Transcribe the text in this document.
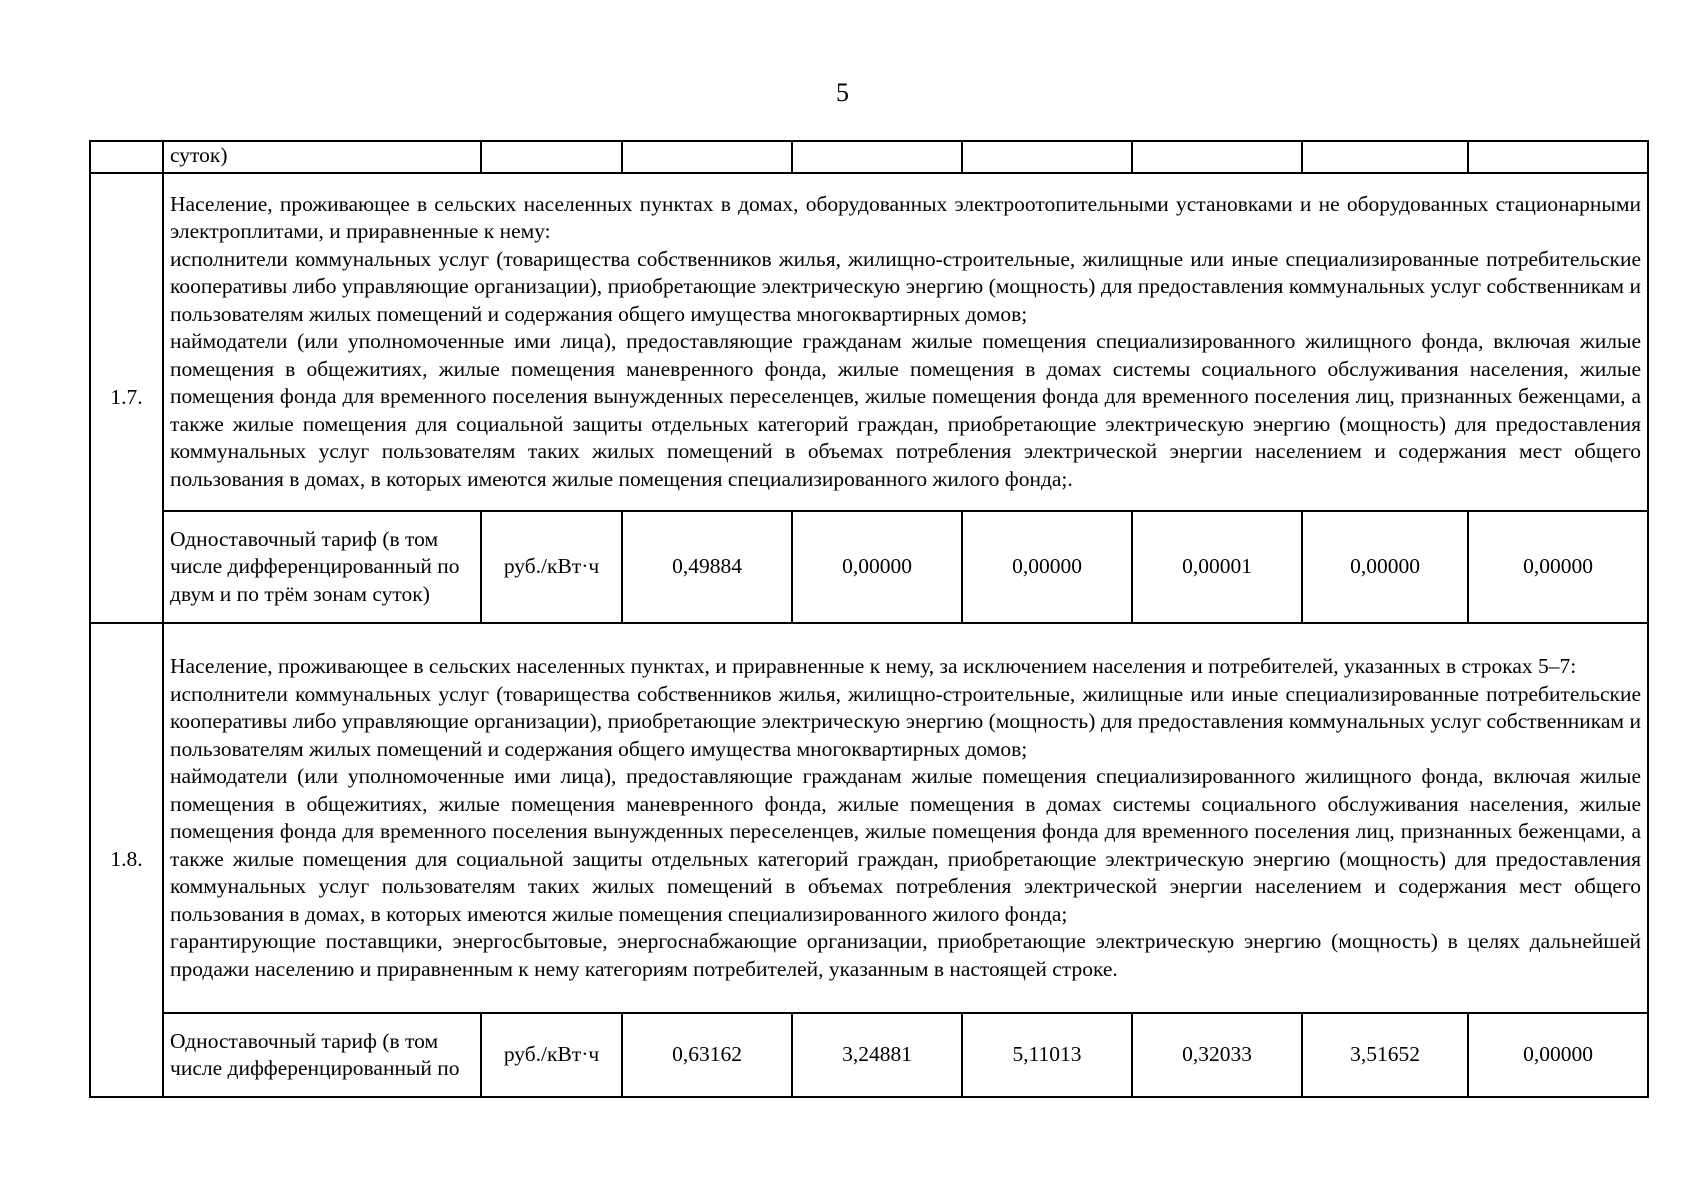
5
	суток)							
1.7.	Население, проживающее в сельских населенных пунктах в домах, оборудованных электроотопительными установками и не оборудованных стационарными электроплитами, и приравненные к нему:

исполнители коммунальных услуг (товарищества собственников жилья, жилищно-строительные, жилищные или иные специализированные потребительские кооперативы либо управляющие организации), приобретающие электрическую энергию (мощность) для предоставления коммунальных услуг собственникам и пользователям жилых помещений и содержания общего имущества многоквартирных домов;

наймодатели (или уполномоченные ими лица), предоставляющие гражданам жилые помещения специализированного жилищного фонда, включая жилые помещения в общежитиях, жилые помещения маневренного фонда, жилые помещения в домах системы социального обслуживания населения, жилые помещения фонда для временного поселения вынужденных переселенцев, жилые помещения фонда для временного поселения лиц, признанных беженцами, а также жилые помещения для социальной защиты отдельных категорий граждан, приобретающие электрическую энергию (мощность) для предоставления коммунальных услуг пользователям таких жилых помещений в объемах потребления электрической энергии населением и содержания мест общего пользования в домах, в которых имеются жилые помещения специализированного жилого фонда;.							

	Одноставочный тариф (в том числе дифференцированный по двум и по трём зонам суток)	руб./кВт·ч	0,49884	0,00000	0,00000	0,00001	0,00000	0,00000
1.8.	Население, проживающее в сельских населенных пунктах, и приравненные к нему, за исключением населения и потребителей, указанных в строках 5–7:

исполнители коммунальных услуг (товарищества собственников жилья, жилищно-строительные, жилищные или иные специализированные потребительские кооперативы либо управляющие организации), приобретающие электрическую энергию (мощность) для предоставления коммунальных услуг собственникам и пользователям жилых помещений и содержания общего имущества многоквартирных домов;

наймодатели (или уполномоченные ими лица), предоставляющие гражданам жилые помещения специализированного жилищного фонда, включая жилые помещения в общежитиях, жилые помещения маневренного фонда, жилые помещения в домах системы социального обслуживания населения, жилые помещения фонда для временного поселения вынужденных переселенцев, жилые помещения фонда для временного поселения лиц, признанных беженцами, а также жилые помещения для социальной защиты отдельных категорий граждан, приобретающие электрическую энергию (мощность) для предоставления коммунальных услуг пользователям таких жилых помещений в объемах потребления электрической энергии населением и содержания мест общего пользования в домах, в которых имеются жилые помещения специализированного жилого фонда;

гарантирующие поставщики, энергосбытовые, энергоснабжающие организации, приобретающие электрическую энергию (мощность) в целях дальнейшей продажи населению и приравненным к нему категориям потребителей, указанным в настоящей строке.							

	Одноставочный тариф (в том числе дифференцированный по	руб./кВт·ч	0,63162	3,24881	5,11013	0,32033	3,51652	0,00000
